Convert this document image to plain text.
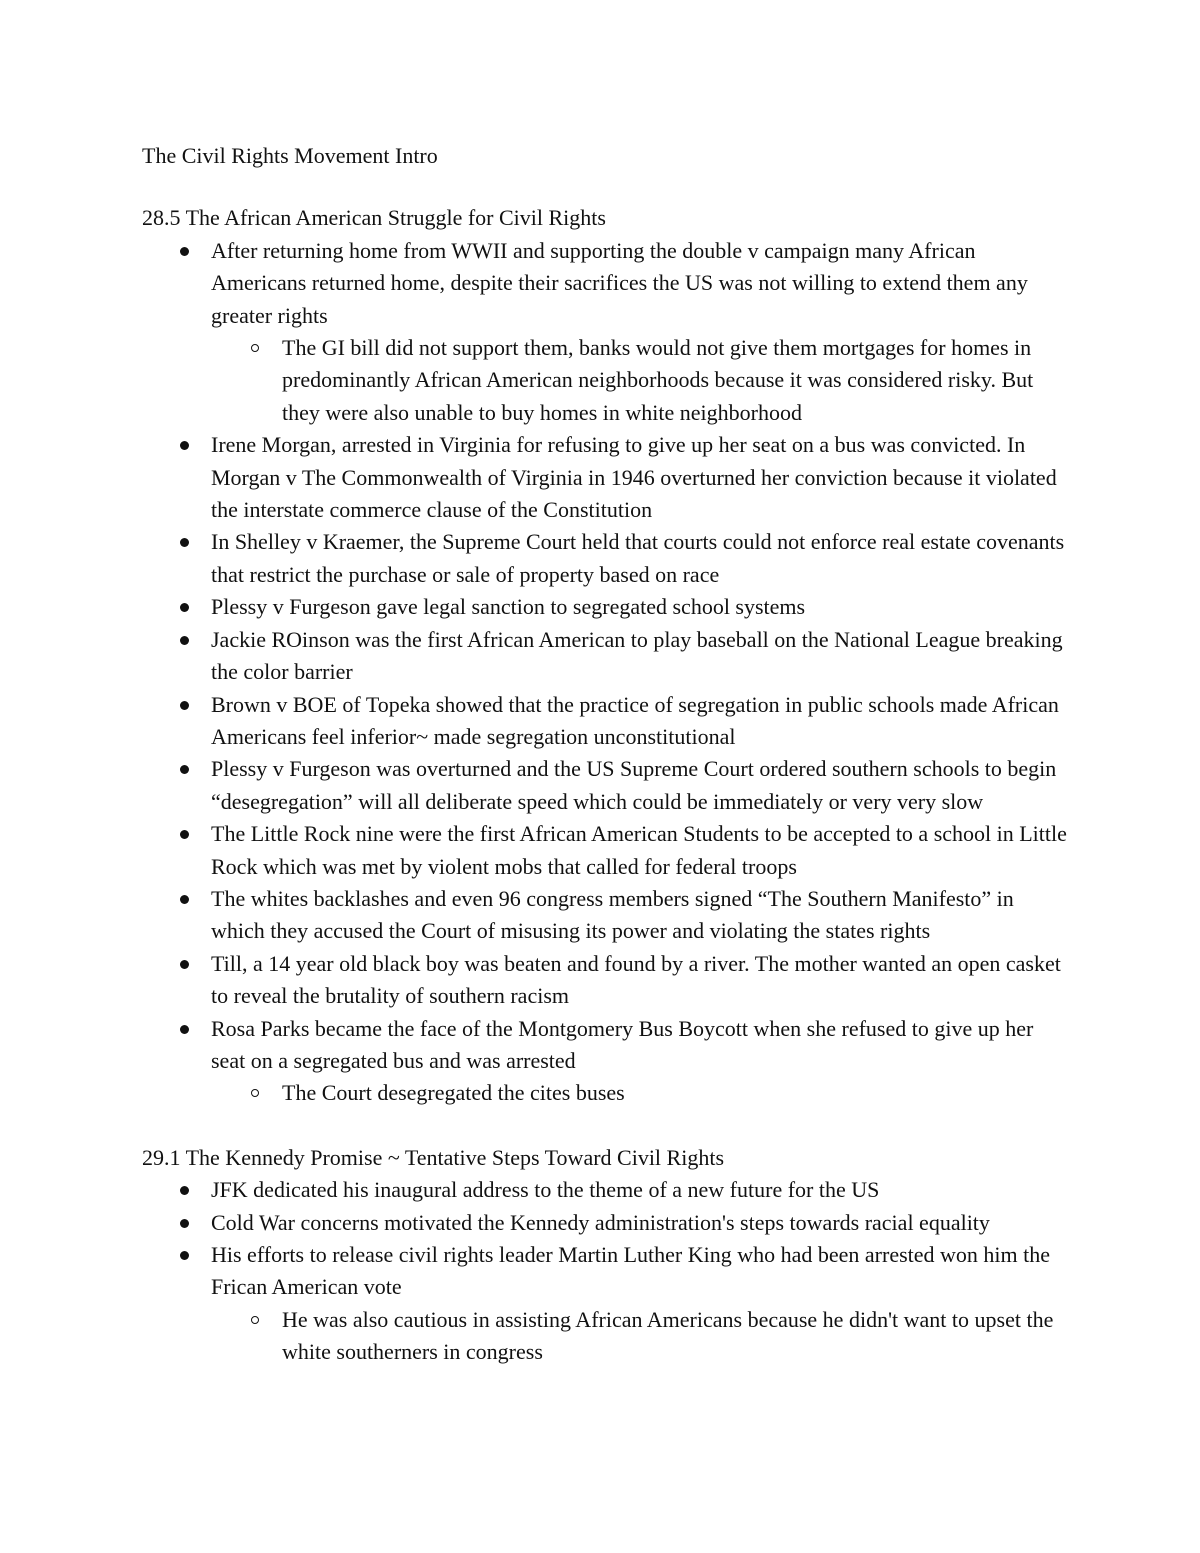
The Civil Rights Movement Intro
28.5 The African American Struggle for Civil Rights
After returning home from WWII and supporting the double v campaign many African Americans returned home, despite their sacrifices the US was not willing to extend them any greater rights
The GI bill did not support them, banks would not give them mortgages for homes in predominantly African American neighborhoods because it was considered risky. But they were also unable to buy homes in white neighborhood
Irene Morgan, arrested in Virginia for refusing to give up her seat on a bus was convicted. In Morgan v The Commonwealth of Virginia in 1946 overturned her conviction because it violated the interstate commerce clause of the Constitution
In Shelley v Kraemer, the Supreme Court held that courts could not enforce real estate covenants that restrict the purchase or sale of property based on race
Plessy v Furgeson gave legal sanction to segregated school systems
Jackie ROinson was the first African American to play baseball on the National League breaking the color barrier
Brown v BOE of Topeka showed that the practice of segregation in public schools made African Americans feel inferior~ made segregation unconstitutional
Plessy v Furgeson was overturned and the US Supreme Court ordered southern schools to begin “desegregation” will all deliberate speed which could be immediately or very very slow
The Little Rock nine were the first African American Students to be accepted to a school in Little Rock which was met by violent mobs that called for federal troops
The whites backlashes and even 96 congress members signed “The Southern Manifesto” in which they accused the Court of misusing its power and violating the states rights
Till, a 14 year old black boy was beaten and found by a river. The mother wanted an open casket to reveal the brutality of southern racism
Rosa Parks became the face of the Montgomery Bus Boycott when she refused to give up her seat on a segregated bus and was arrested
The Court desegregated the cites buses
29.1 The Kennedy Promise ~ Tentative Steps Toward Civil Rights
JFK dedicated his inaugural address to the theme of a new future for the US
Cold War concerns motivated the Kennedy administration's steps towards racial equality
His efforts to release civil rights leader Martin Luther King who had been arrested won him the Frican American vote
He was also cautious in assisting African Americans because he didn't want to upset the white southerners in congress
